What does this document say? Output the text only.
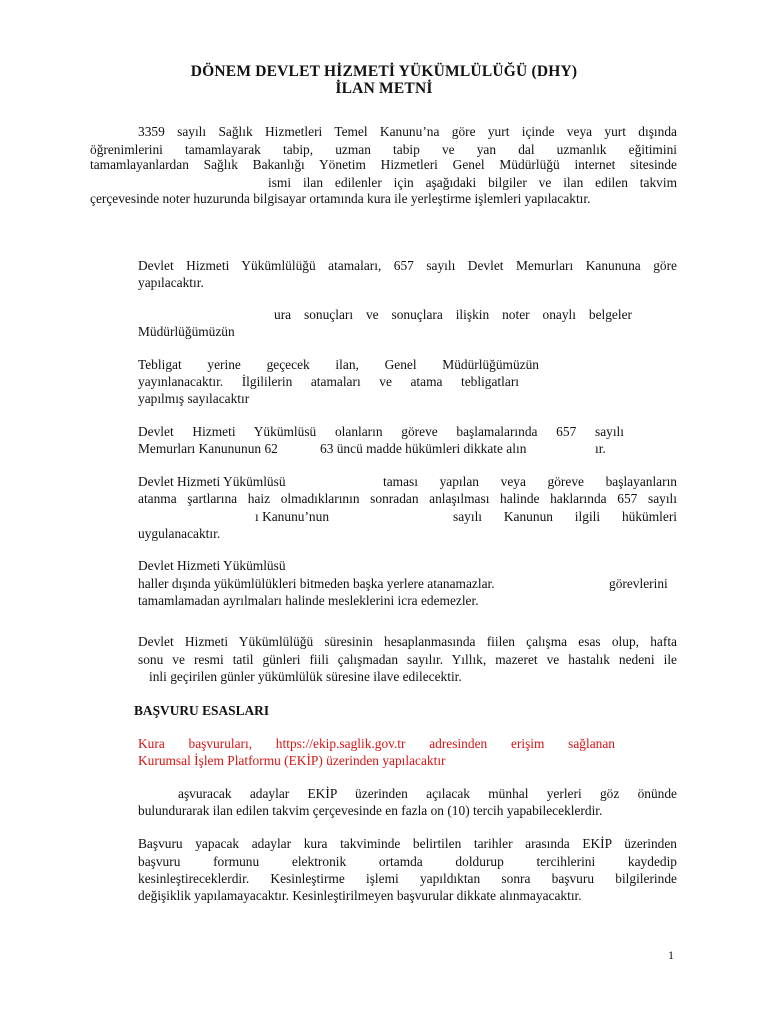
DÖNEM DEVLET HİZMETİ YÜKÜMLÜLÜĞÜ (DHY)
İLAN METNİ
3359 sayılı Sağlık Hizmetleri Temel Kanunu’na göre yurt içinde veya yurt dışında
öğrenimlerini tamamlayarak tabip, uzman tabip ve yan dal uzmanlık eğitimini
tamamlayanlardan Sağlık Bakanlığı Yönetim Hizmetleri Genel Müdürlüğü internet sitesinde
ismi ilan edilenler için aşağıdaki bilgiler ve ilan edilen takvim
çerçevesinde noter huzurunda bilgisayar ortamında kura ile yerleştirme işlemleri yapılacaktır.
Devlet Hizmeti Yükümlülüğü atamaları, 657 sayılı Devlet Memurları Kanununa göre
yapılacaktır.
ura sonuçları ve sonuçlara ilişkin noter onaylı belgeler
Müdürlüğümüzün
Tebligat yerine geçecek ilan, Genel Müdürlüğümüzün
yayınlanacaktır. İlgililerin atamaları ve atama tebligatları
yapılmış sayılacaktır
Devlet Hizmeti Yükümlüsü olanların göreve başlamalarında 657 sayılı
Memurları Kanununun 62	63 üncü madde hükümleri dikkate alın	ır.
Devlet Hizmeti Yükümlüsü	taması yapılan veya göreve başlayanların
atanma şartlarına haiz olmadıklarının sonradan anlaşılması halinde haklarında 657 sayılı
ı Kanunu’nun	sayılı Kanunun ilgili hükümleri
uygulanacaktır.
Devlet Hizmeti Yükümlüsü
haller dışında yükümlülükleri bitmeden başka yerlere atanamazlar.	görevlerini
tamamlamadan ayrılmaları halinde mesleklerini icra edemezler.
Devlet Hizmeti Yükümlülüğü süresinin hesaplanmasında fiilen çalışma esas olup, hafta
sonu ve resmi tatil günleri fiili çalışmadan sayılır. Yıllık, mazeret ve hastalık nedeni ile
inli geçirilen günler yükümlülük süresine ilave edilecektir.
BAŞVURU ESASLARI
Kura başvuruları, https://ekip.saglik.gov.tr adresinden erişim sağlanan
Kurumsal İşlem Platformu (EKİP) üzerinden yapılacaktır
aşvuracak adaylar EKİP üzerinden açılacak münhal yerleri göz önünde
bulundurarak ilan edilen takvim çerçevesinde en fazla on (10) tercih yapabileceklerdir.
Başvuru yapacak adaylar kura takviminde belirtilen tarihler arasında EKİP üzerinden
başvuru formunu elektronik ortamda doldurup tercihlerini kaydedip
kesinleştireceklerdir. Kesinleştirme işlemi yapıldıktan sonra başvuru bilgilerinde
değişiklik yapılamayacaktır. Kesinleştirilmeyen başvurular dikkate alınmayacaktır.
1
